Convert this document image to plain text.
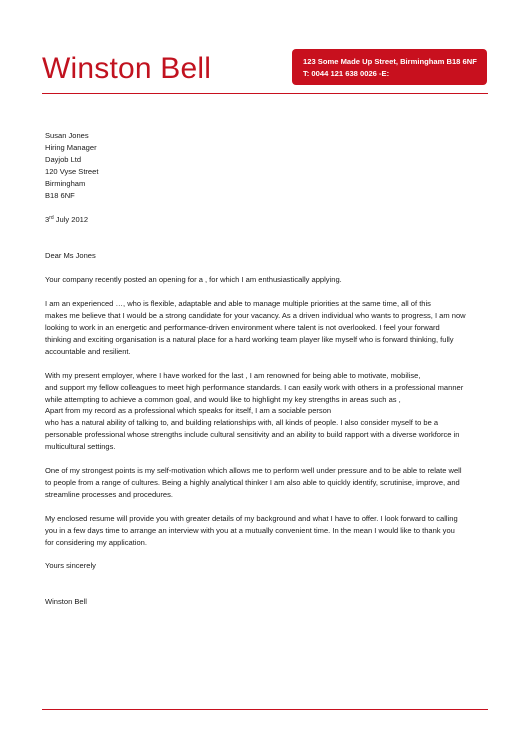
Winston Bell	123 Some Made Up Street, Birmingham B18 6NF
T: 0044 121 638 0026 -E:
Susan Jones
Hiring Manager
Dayjob Ltd
120 Vyse Street
Birmingham
B18 6NF
3rd July 2012

Dear Ms Jones

Your company recently posted an opening for a , for which I am enthusiastically applying.

I am an experienced …, who is flexible, adaptable and able to manage multiple priorities at the same time, all of this
makes me believe that I would be a strong candidate for your vacancy. As a driven individual who wants to progress, I am now
looking to work in an energetic and performance-driven environment where talent is not overlooked. I feel your forward
thinking and exciting organisation is a natural place for a hard working team player like myself who is forward thinking, fully
accountable and resilient.
With my present employer, where I have worked for the last , I am renowned for being able to motivate, mobilise,
and support my fellow colleagues to meet high performance standards. I can easily work with others in a professional manner
while attempting to achieve a common goal, and would like to highlight my key strengths in areas such as ,
Apart from my record as a professional which speaks for itself, I am a sociable person
who has a natural ability of talking to, and building relationships with, all kinds of people. I also consider myself to be a
personable professional whose strengths include cultural sensitivity and an ability to build rapport with a diverse workforce in
multicultural settings.
One of my strongest points is my self-motivation which allows me to perform well under pressure and to be able to relate well
to people from a range of cultures. Being a highly analytical thinker I am also able to quickly identify, scrutinise, improve, and
streamline processes and procedures.
My enclosed resume will provide you with greater details of my background and what I have to offer. I look forward to calling
you in a few days time to arrange an interview with you at a mutually convenient time. In the mean I would like to thank you
for considering my application.

Yours sincerely

Winston Bell
